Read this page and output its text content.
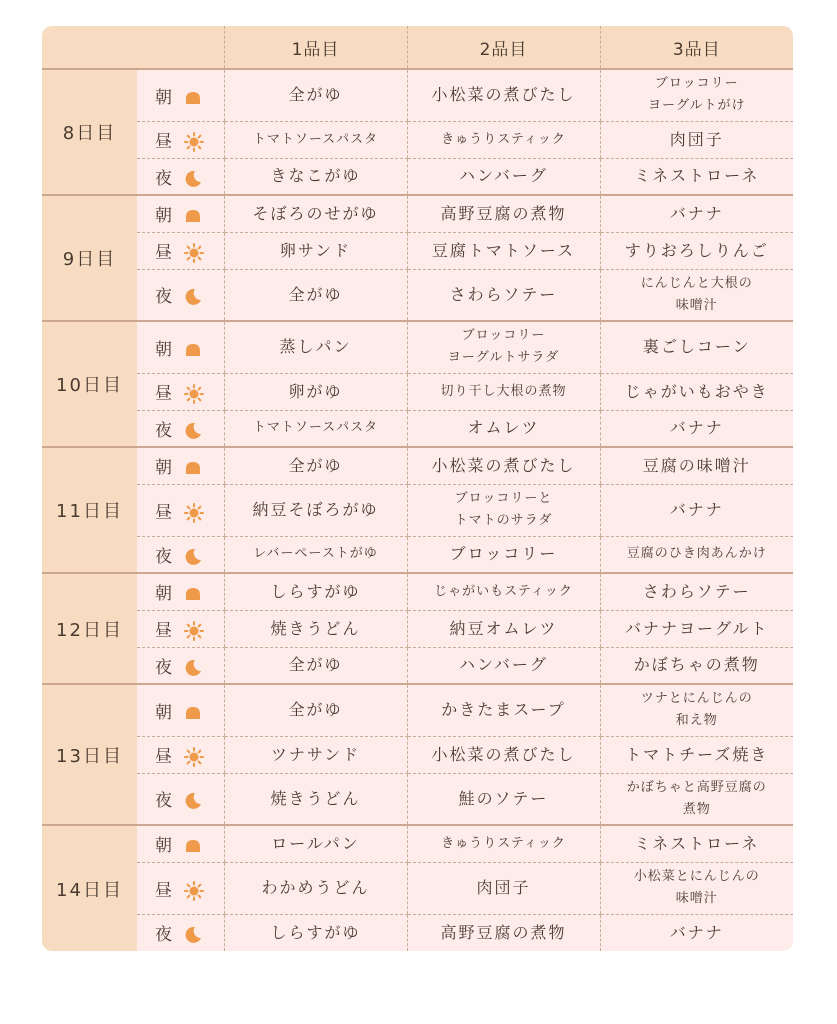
		1品目	2品目	3品目
8日目	朝	全がゆ	小松菜の煮びたし	ブロッコリー
ヨーグルトがけ
	昼	トマトソースパスタ	きゅうりスティック	肉団子
	夜	きなこがゆ	ハンバーグ	ミネストローネ
9日目	朝	そぼろのせがゆ	高野豆腐の煮物	バナナ
	昼	卵サンド	豆腐トマトソース	すりおろしりんご
	夜	全がゆ	さわらソテー	にんじんと大根の
味噌汁
10日目	朝	蒸しパン	ブロッコリー
ヨーグルトサラダ	裏ごしコーン
	昼	卵がゆ	切り干し大根の煮物	じゃがいもおやき
	夜	トマトソースパスタ	オムレツ	バナナ
11日目	朝	全がゆ	小松菜の煮びたし	豆腐の味噌汁
	昼	納豆そぼろがゆ	ブロッコリーと
トマトのサラダ	バナナ
	夜	レバーペーストがゆ	ブロッコリー	豆腐のひき肉あんかけ
12日目	朝	しらすがゆ	じゃがいもスティック	さわらソテー
	昼	焼きうどん	納豆オムレツ	バナナヨーグルト
	夜	全がゆ	ハンバーグ	かぼちゃの煮物
13日目	朝	全がゆ	かきたまスープ	ツナとにんじんの
和え物
	昼	ツナサンド	小松菜の煮びたし	トマトチーズ焼き
	夜	焼きうどん	鮭のソテー	かぼちゃと高野豆腐の
煮物
14日目	朝	ロールパン	きゅうりスティック	ミネストローネ
	昼	わかめうどん	肉団子	小松菜とにんじんの
味噌汁
	夜	しらすがゆ	高野豆腐の煮物	バナナ
